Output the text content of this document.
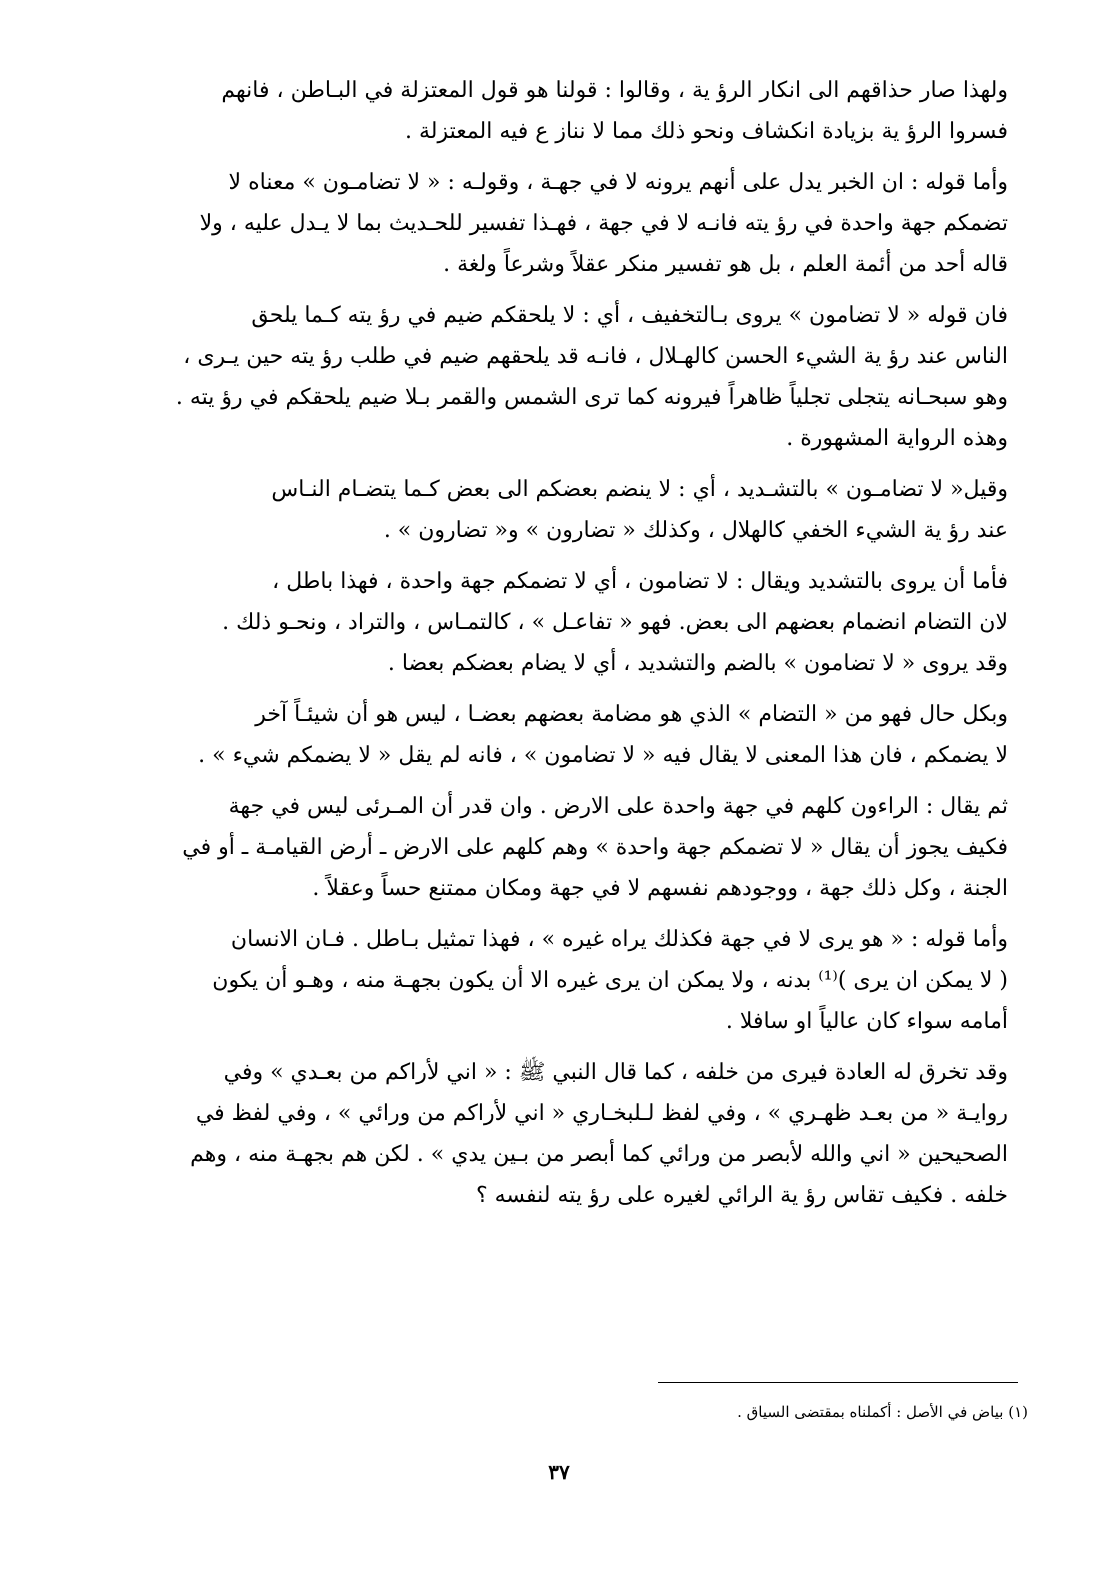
ولهذا صار حذاقهم الى انكار الرؤ ية ، وقالوا : قولنا هو قول المعتزلة في البـاطن ، فانهم
فسروا الرؤ ية بزيادة انكشاف ونحو ذلك مما لا نناز ع فيه المعتزلة .

وأما قوله : ان الخبر يدل على أنهم يرونه لا في جهـة ، وقولـه : « لا تضامـون » معناه لا
تضمكم جهة واحدة في رؤ يته فانـه لا في جهة ، فهـذا تفسير للحـديث بما لا يـدل عليه ، ولا
قاله أحد من أئمة العلم ، بل هو تفسير منكر عقلاً وشرعاً ولغة .

فان قوله « لا تضامون » يروى بـالتخفيف ، أي : لا يلحقكم ضيم في رؤ يته كـما يلحق
الناس عند رؤ ية الشيء الحسن كالهـلال ، فانـه قد يلحقهم ضيم في طلب رؤ يته حين يـرى ،
وهو سبحـانه يتجلى تجلياً ظاهراً فيرونه كما ترى الشمس والقمر بـلا ضيم يلحقكم في رؤ يته .
وهذه الرواية المشهورة .

وقيل« لا تضامـون » بالتشـديد ، أي : لا ينضم بعضكم الى بعض كـما يتضـام النـاس
عند رؤ ية الشيء الخفي كالهلال ، وكذلك « تضارون » و« تضارون » .

فأما أن يروى بالتشديد ويقال : لا تضامون ، أي لا تضمكم جهة واحدة ، فهذا باطل ،
لان التضام انضمام بعضهم الى بعض. فهو « تفاعـل » ، كالتمـاس ، والتراد ، ونحـو ذلك .
وقد يروى « لا تضامون » بالضم والتشديد ، أي لا يضام بعضكم بعضا .

وبكل حال فهو من « التضام » الذي هو مضامة بعضهم بعضـا ، ليس هو أن شيئـاً آخر
لا يضمكم ، فان هذا المعنى لا يقال فيه « لا تضامون » ، فانه لم يقل « لا يضمكم شيء » .

ثم يقال : الراءون كلهم في جهة واحدة على الارض . وان قدر أن المـرئى ليس في جهة
فكيف يجوز أن يقال « لا تضمكم جهة واحدة » وهم كلهم على الارض ـ أرض القيامـة ـ أو في
الجنة ، وكل ذلك جهة ، ووجودهم نفسهم لا في جهة ومكان ممتنع حساً وعقلاً .

وأما قوله : « هو يرى لا في جهة فكذلك يراه غيره » ، فهذا تمثيل بـاطل . فـان الانسان
( لا يمكن ان يرى )⁽¹⁾ بدنه ، ولا يمكن ان يرى غيره الا أن يكون بجهـة منه ، وهـو أن يكون
أمامه سواء كان عالياً او سافلا .

وقد تخرق له العادة فيرى من خلفه ، كما قال النبي ﷺ : « اني لأراكم من بعـدي » وفي
روايـة « من بعـد ظهـري » ، وفي لفظ لـلبخـاري « اني لأراكم من ورائي » ، وفي لفظ في
الصحيحين « اني والله لأبصر من ورائي كما أبصر من بـين يدي » . لكن هم بجهـة منه ، وهم
خلفه . فكيف تقاس رؤ ية الرائي لغيره على رؤ يته لنفسه ؟

(١) بياض في الأصل : أكملناه بمقتضى السياق .
٣٧
